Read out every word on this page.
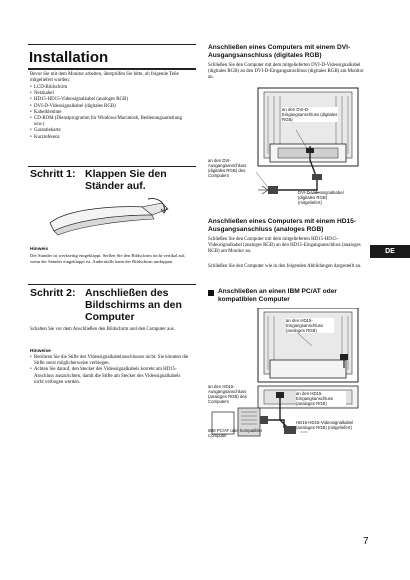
Installation
Bevor Sie mit dem Monitor arbeiten, überprüfen Sie bitte, ob folgende Teile mitgeliefert wurden:
• LCD-Bildschirm
• Netzkabel
• HD15-HD15-Videosignalkabel (analoges RGB)
• DVI-D-Videosignalkabel (digitales RGB)
• Kabelklemme
• CD-ROM (Dienstprogramm für Windows/Macintosh, Bedienungsanleitung usw.)
• Garantiekarte
• Kurzreferenz
Schritt 1: Klappen Sie den Ständer auf.
Hinweis
Der Ständer ist werkseitig eingeklappt. Stellen Sie den Bildschirm nicht vertikal auf, wenn der Ständer eingeklappt ist. Andernfalls kann der Bildschirm umkippen.
Schritt 2: Anschließen des Bildschirms an den Computer
Schalten Sie vor dem Anschließen den Bildschirm und den Computer aus.
Hinweise
• Berühren Sie die Stifte des Videosignalkabelanschlusses nicht. Sie könnten die Stifte sonst möglicherweise verbiegen.
• Achten Sie darauf, den Stecker des Videosignalkabels korrekt am HD15-Anschluss auszurichten, damit die Stifte am Stecker des Videosignalkabels nicht verbogen werden.
Anschließen eines Computers mit einem DVI-Ausgangsanschluss (digitales RGB)
Schließen Sie den Computer mit dem mitgelieferten DVI-D-Videosignalkabel (digitales RGB) an den DVI-D-Eingangsanschluss (digitales RGB) am Monitor an.
an den DVI-D-Eingangsanschluss (digitales RGB)
an den DVI-Ausgangsanschluss (digitales RGB) des Computers
DVI-D-Videosignalkabel (digitales RGB) (mitgeliefert)
Anschließen eines Computers mit einem HD15-Ausgangsanschluss (analoges RGB)
Schließen Sie den Computer mit dem mitgelieferten HD15-HD15-Videosignalkabel (analoges RGB) an den HD15-Eingangsanschluss (analoges RGB) am Monitor an.
Schließen Sie den Computer wie in den folgenden Abbildungen dargestellt an.
Anschließen an einen IBM PC/AT oder kompatiblen Computer
an den HD15-Eingangsanschluss (analoges RGB)
an den HD15-Eingangsanschluss (analoges RGB)
an den HD15-Ausgangsanschluss (analoges RGB) des Computers
HD15-HD15-Videosignalkabel (analoges RGB) (mitgeliefert)
IBM PC/AT oder kompatibler Computer
DE
7
